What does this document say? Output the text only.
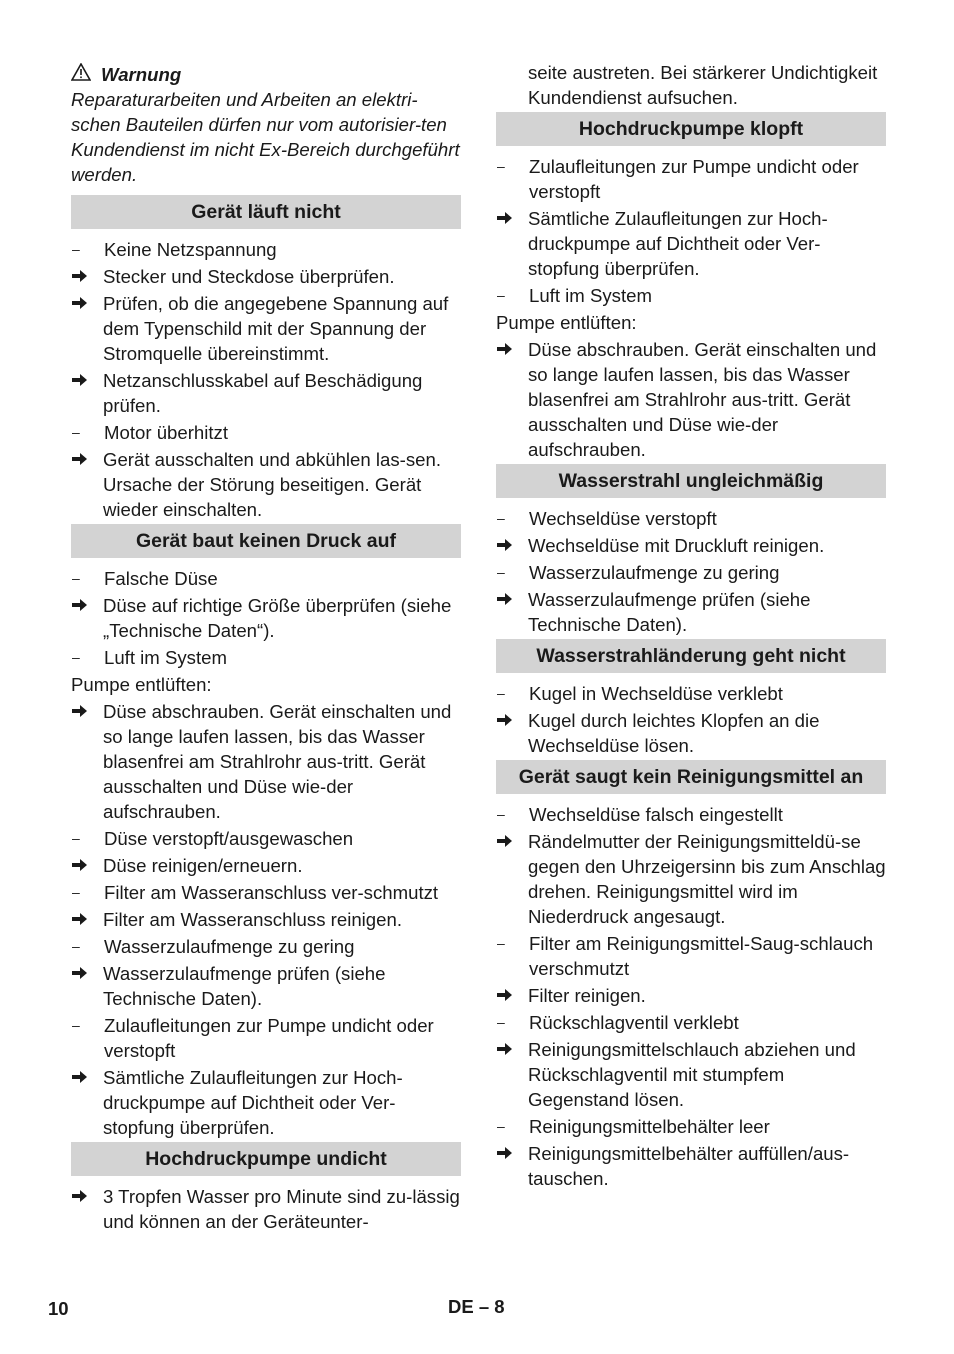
Warnung
Reparaturarbeiten und Arbeiten an elektri-schen Bauteilen dürfen nur vom autorisier-ten Kundendienst im nicht Ex-Bereich durchgeführt werden.
Gerät läuft nicht
–	Keine Netzspannung
Stecker und Steckdose überprüfen.
Prüfen, ob die angegebene Spannung auf dem Typenschild mit der Spannung der Stromquelle übereinstimmt.
Netzanschlusskabel auf Beschädigung prüfen.
–	Motor überhitzt
Gerät ausschalten und abkühlen las-sen. Ursache der Störung beseitigen. Gerät wieder einschalten.
Gerät baut keinen Druck auf
–	Falsche Düse
Düse auf richtige Größe überprüfen (siehe „Technische Daten“).
–	Luft im System
Pumpe entlüften:
Düse abschrauben. Gerät einschalten und so lange laufen lassen, bis das Wasser blasenfrei am Strahlrohr aus-tritt. Gerät ausschalten und Düse wie-der aufschrauben.
–	Düse verstopft/ausgewaschen
Düse reinigen/erneuern.
–	Filter am Wasseranschluss ver-schmutzt
Filter am Wasseranschluss reinigen.
–	Wasserzulaufmenge zu gering
Wasserzulaufmenge prüfen (siehe Technische Daten).
–	Zulaufleitungen zur Pumpe undicht oder verstopft
Sämtliche Zulaufleitungen zur Hoch-druckpumpe auf Dichtheit oder Ver-stopfung überprüfen.
Hochdruckpumpe undicht
3 Tropfen Wasser pro Minute sind zu-lässig und können an der Geräteunter-
seite austreten. Bei stärkerer Undichtigkeit Kundendienst aufsuchen.
Hochdruckpumpe klopft
–	Zulaufleitungen zur Pumpe undicht oder verstopft
Sämtliche Zulaufleitungen zur Hoch-druckpumpe auf Dichtheit oder Ver-stopfung überprüfen.
–	Luft im System
Pumpe entlüften:
Düse abschrauben. Gerät einschalten und so lange laufen lassen, bis das Wasser blasenfrei am Strahlrohr aus-tritt. Gerät ausschalten und Düse wie-der aufschrauben.
Wasserstrahl ungleichmäßig
–	Wechseldüse verstopft
Wechseldüse mit Druckluft reinigen.
–	Wasserzulaufmenge zu gering
Wasserzulaufmenge prüfen (siehe Technische Daten).
Wasserstrahländerung geht nicht
–	Kugel in Wechseldüse verklebt
Kugel durch leichtes Klopfen an die Wechseldüse lösen.
Gerät saugt kein Reinigungsmittel an
–	Wechseldüse falsch eingestellt
Rändelmutter der Reinigungsmitteldü-se gegen den Uhrzeigersinn bis zum Anschlag drehen. Reinigungsmittel wird im Niederdruck angesaugt.
–	Filter am Reinigungsmittel-Saug-schlauch verschmutzt
Filter reinigen.
–	Rückschlagventil verklebt
Reinigungsmittelschlauch abziehen und Rückschlagventil mit stumpfem Gegenstand lösen.
–	Reinigungsmittelbehälter leer
Reinigungsmittelbehälter auffüllen/aus-tauschen.
10	DE – 8
